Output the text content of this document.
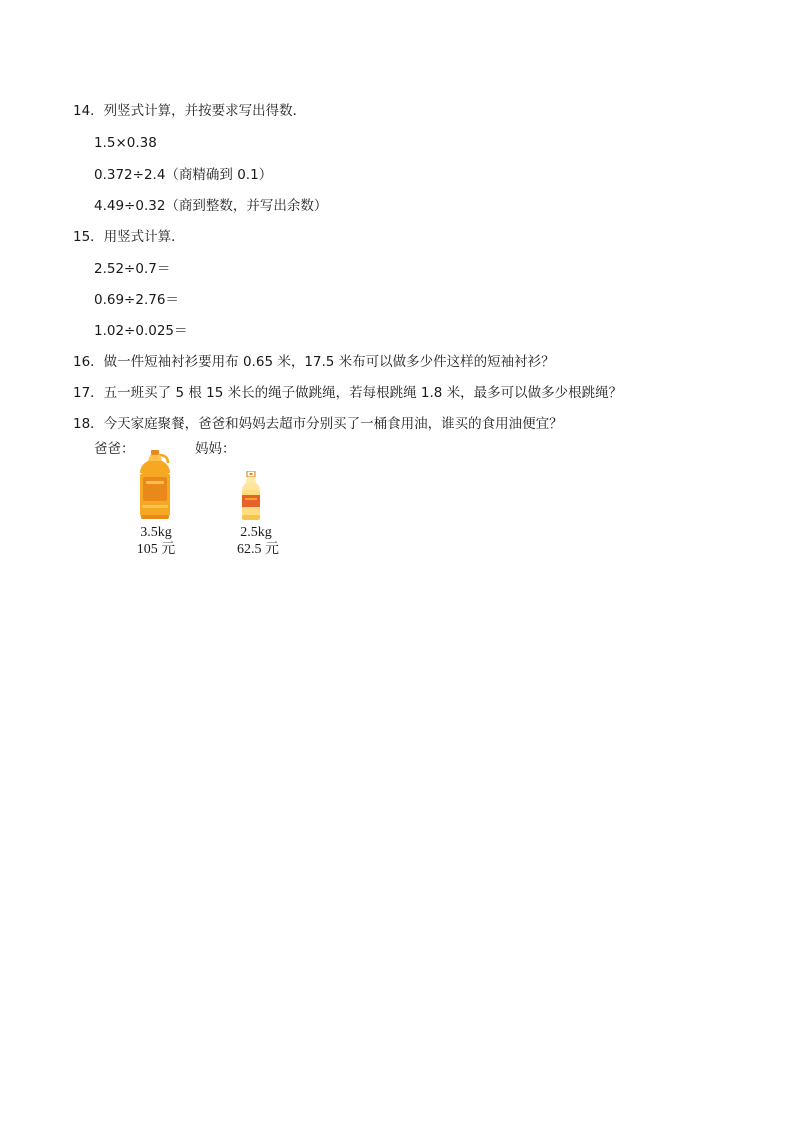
14．列竖式计算，并按要求写出得数．
1.5×0.38
0.372÷2.4（商精确到 0.1）
4.49÷0.32（商到整数，并写出余数）
15．用竖式计算．
2.52÷0.7＝
0.69÷2.76＝
1.02÷0.025＝
16．做一件短袖衬衫要用布 0.65 米，17.5 米布可以做多少件这样的短袖衬衫？
17．五一班买了 5 根 15 米长的绳子做跳绳，若每根跳绳 1.8 米，最多可以做多少根跳绳？
18．今天家庭聚餐，爸爸和妈妈去超市分别买了一桶食用油，谁买的食用油便宜？
爸爸：	妈妈：
3.5kg
105 元
2.5kg
62.5 元
